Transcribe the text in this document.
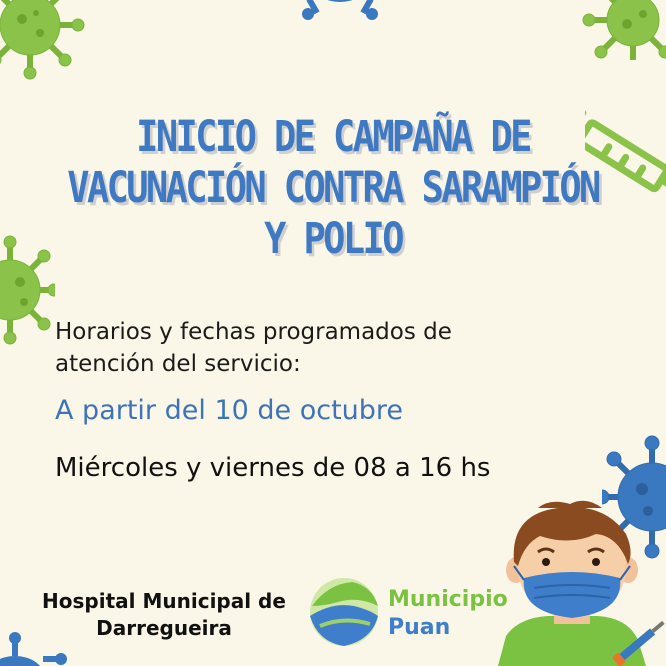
INICIO DE CAMPAÑA DE
VACUNACIÓN CONTRA SARAMPIÓN
Y POLIO
Horarios y fechas programados de atención del servicio:
A partir del 10 de octubre
Miércoles y viernes de 08 a 16 hs
Hospital Municipal de
Darregueira
Municipio
Puan
